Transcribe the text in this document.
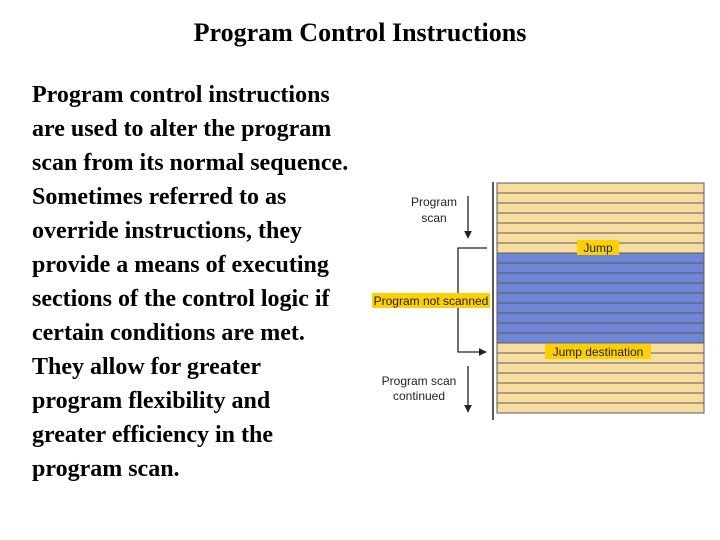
Program Control Instructions
Program control instructions
are used to alter the program
scan from its normal sequence.
Sometimes referred to as
override instructions, they
provide a means of executing
sections of the control logic if
certain conditions are met.
They allow for greater
program flexibility and
greater efficiency in the
program scan.
Program
scan
Jump
Program not scanned
Jump destination
Program scan
continued
